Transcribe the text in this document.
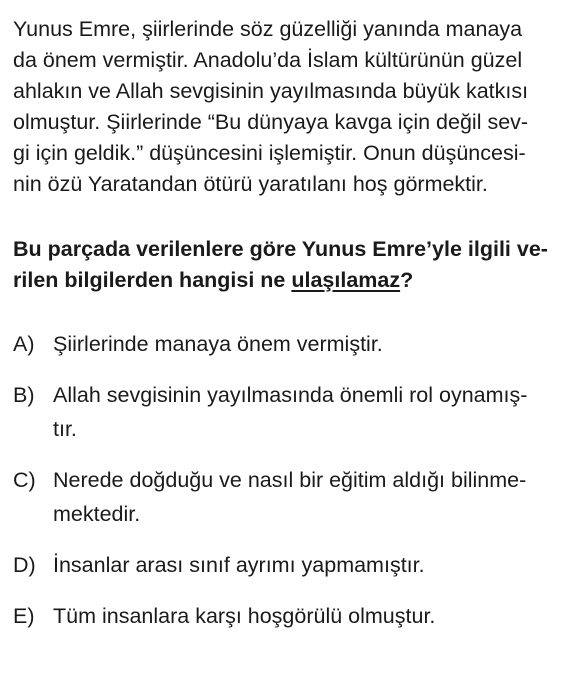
Yunus Emre, şiirlerinde söz güzelliği yanında manaya
da önem vermiştir. Anadolu’da İslam kültürünün güzel
ahlakın ve Allah sevgisinin yayılmasında büyük katkısı
olmuştur. Şiirlerinde “Bu dünyaya kavga için değil sev-
gi için geldik.” düşüncesini işlemiştir. Onun düşüncesi-
nin özü Yaratandan ötürü yaratılanı hoş görmektir.
Bu parçada verilenlere göre Yunus Emre’yle ilgili ve-
rilen bilgilerden hangisi ne ulaşılamaz?
A) Şiirlerinde manaya önem vermiştir.
B) Allah sevgisinin yayılmasında önemli rol oynamış-
tır.
C) Nerede doğduğu ve nasıl bir eğitim aldığı bilinme-
mektedir.
D) İnsanlar arası sınıf ayrımı yapmamıştır.
E) Tüm insanlara karşı hoşgörülü olmuştur.
